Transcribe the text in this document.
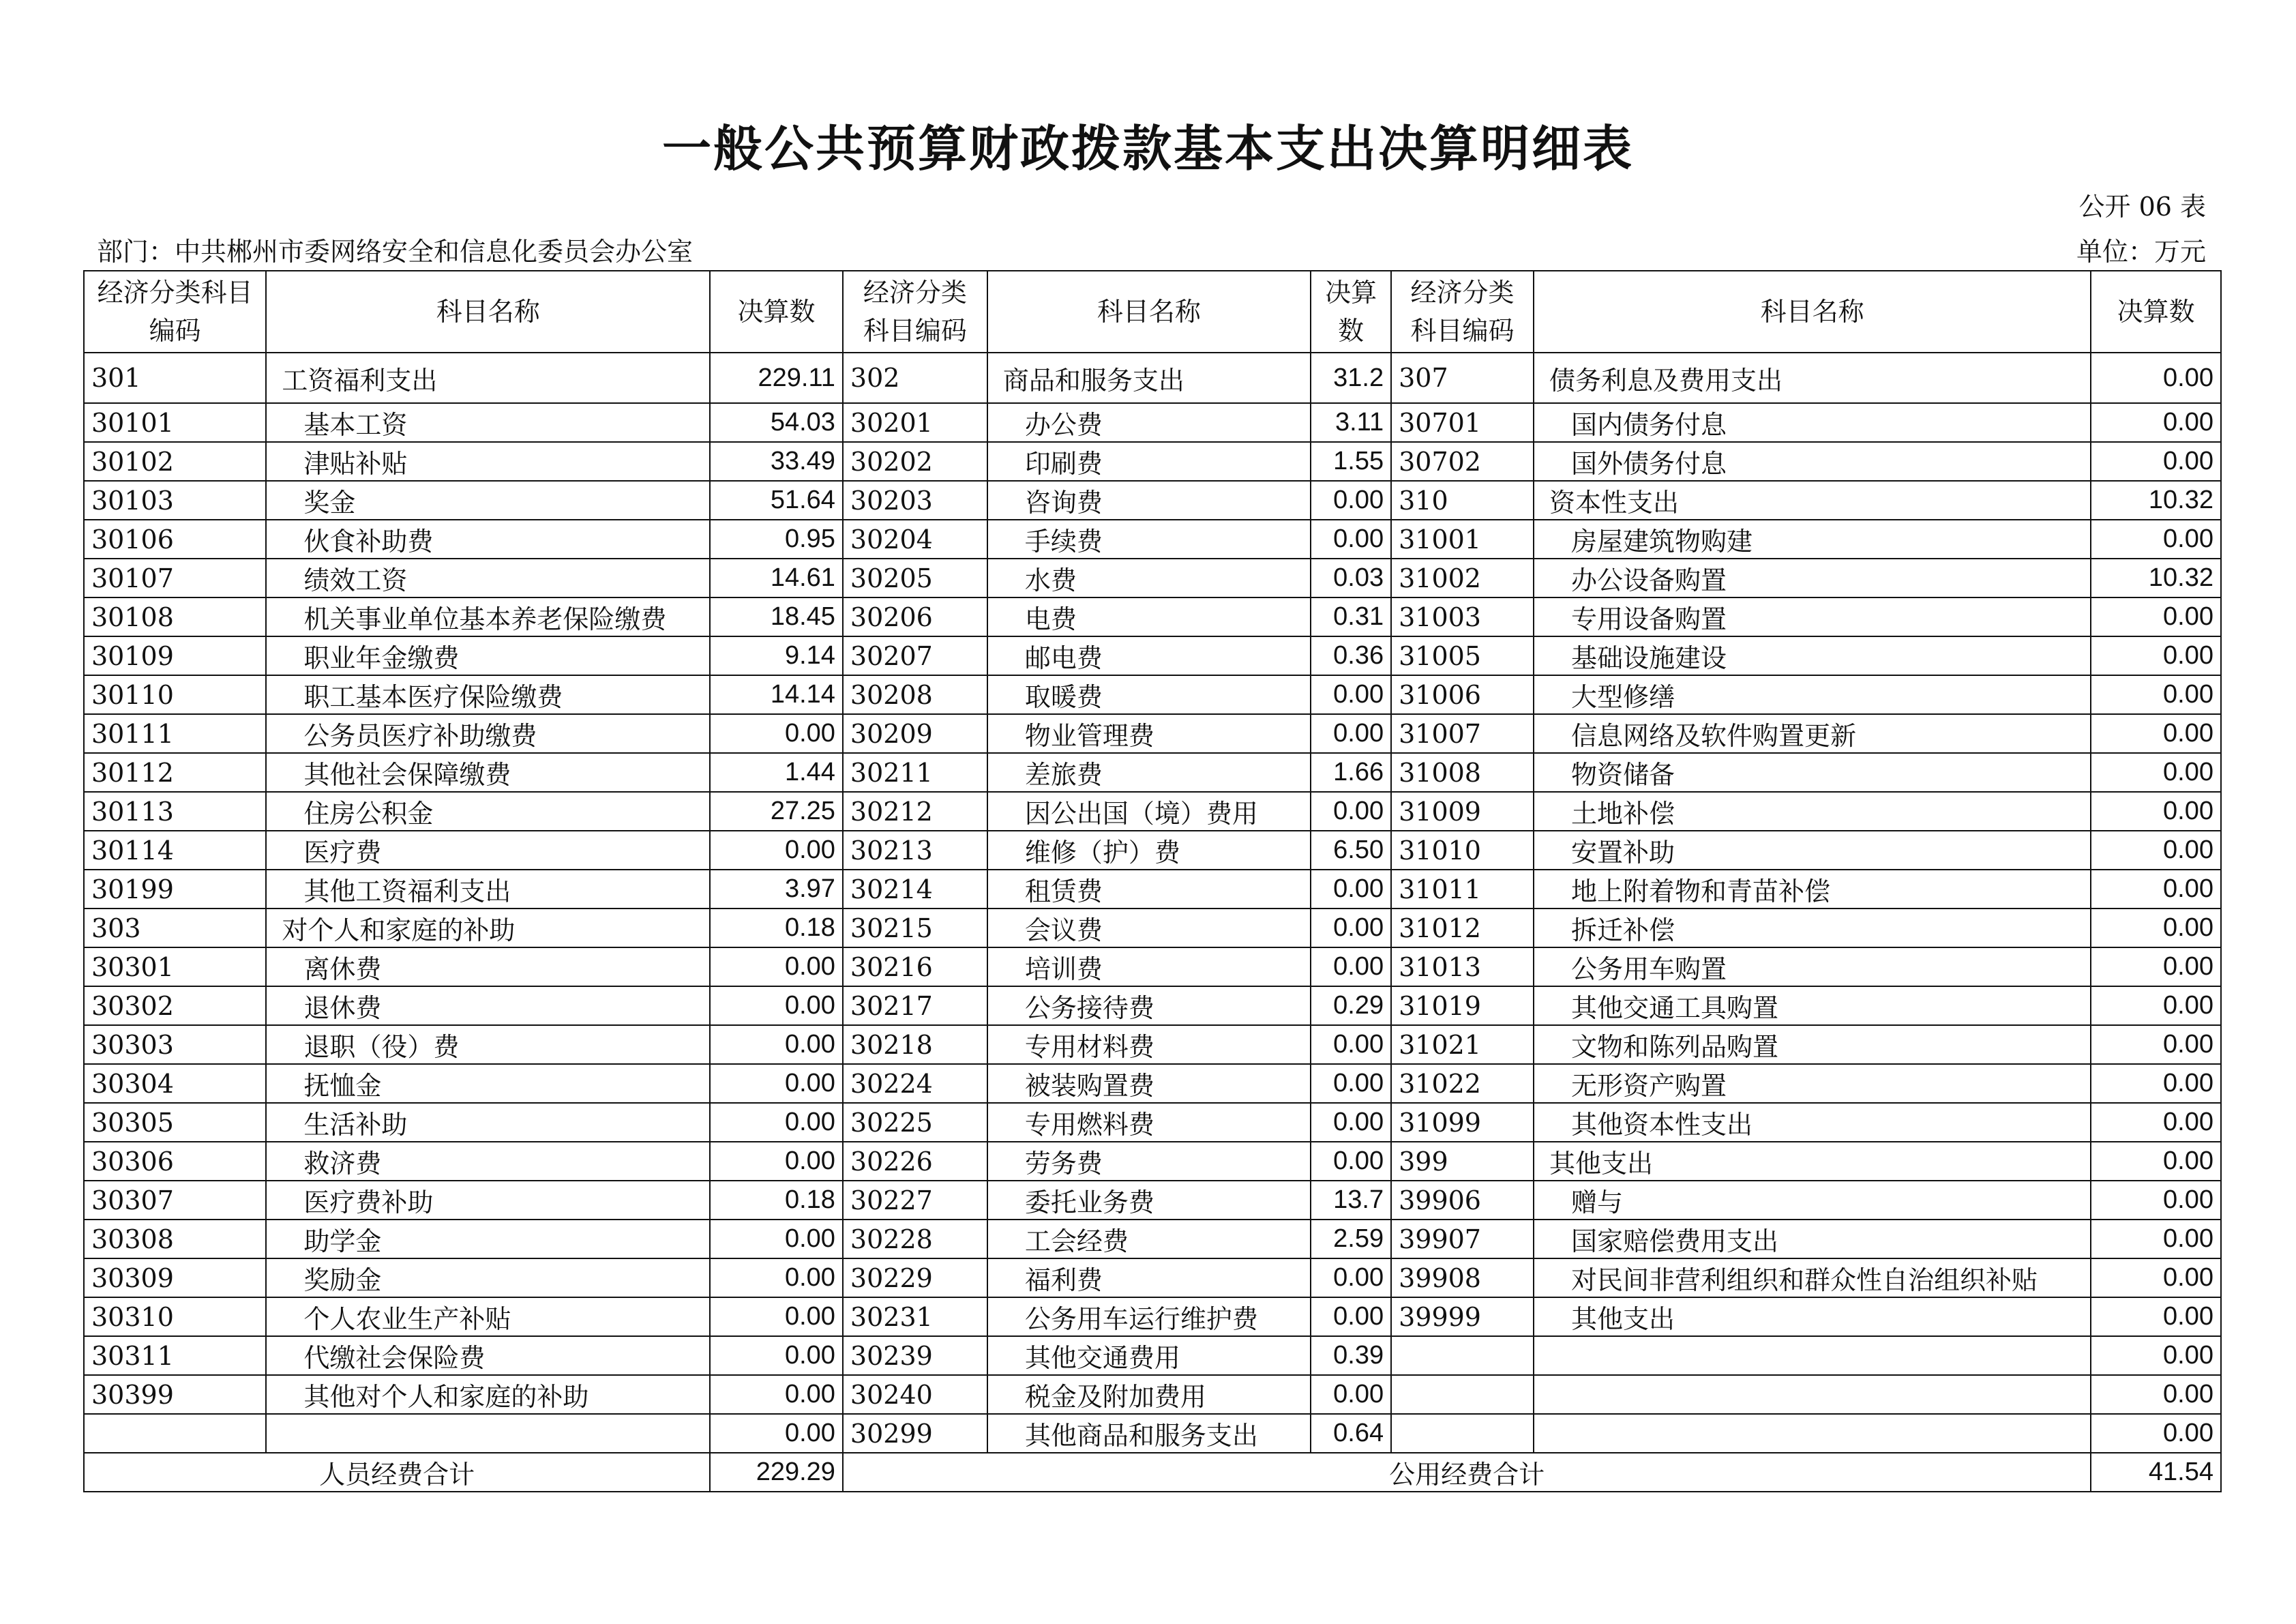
一般公共预算财政拨款基本支出决算明细表
公开 06 表
部门：中共郴州市委网络安全和信息化委员会办公室	单位：万元
经济分类科目编码	科目名称	决算数	经济分类科目编码	科目名称	决算数	经济分类科目编码	科目名称	决算数
301	工资福利支出	229.11	302	商品和服务支出	31.2	307	债务利息及费用支出	0.00
30101	基本工资	54.03	30201	办公费	3.11	30701	国内债务付息	0.00
30102	津贴补贴	33.49	30202	印刷费	1.55	30702	国外债务付息	0.00
30103	奖金	51.64	30203	咨询费	0.00	310	资本性支出	10.32
30106	伙食补助费	0.95	30204	手续费	0.00	31001	房屋建筑物购建	0.00
30107	绩效工资	14.61	30205	水费	0.03	31002	办公设备购置	10.32
30108	机关事业单位基本养老保险缴费	18.45	30206	电费	0.31	31003	专用设备购置	0.00
30109	职业年金缴费	9.14	30207	邮电费	0.36	31005	基础设施建设	0.00
30110	职工基本医疗保险缴费	14.14	30208	取暖费	0.00	31006	大型修缮	0.00
30111	公务员医疗补助缴费	0.00	30209	物业管理费	0.00	31007	信息网络及软件购置更新	0.00
30112	其他社会保障缴费	1.44	30211	差旅费	1.66	31008	物资储备	0.00
30113	住房公积金	27.25	30212	因公出国（境）费用	0.00	31009	土地补偿	0.00
30114	医疗费	0.00	30213	维修（护）费	6.50	31010	安置补助	0.00
30199	其他工资福利支出	3.97	30214	租赁费	0.00	31011	地上附着物和青苗补偿	0.00
303	对个人和家庭的补助	0.18	30215	会议费	0.00	31012	拆迁补偿	0.00
30301	离休费	0.00	30216	培训费	0.00	31013	公务用车购置	0.00
30302	退休费	0.00	30217	公务接待费	0.29	31019	其他交通工具购置	0.00
30303	退职（役）费	0.00	30218	专用材料费	0.00	31021	文物和陈列品购置	0.00
30304	抚恤金	0.00	30224	被装购置费	0.00	31022	无形资产购置	0.00
30305	生活补助	0.00	30225	专用燃料费	0.00	31099	其他资本性支出	0.00
30306	救济费	0.00	30226	劳务费	0.00	399	其他支出	0.00
30307	医疗费补助	0.18	30227	委托业务费	13.7	39906	赠与	0.00
30308	助学金	0.00	30228	工会经费	2.59	39907	国家赔偿费用支出	0.00
30309	奖励金	0.00	30229	福利费	0.00	39908	对民间非营利组织和群众性自治组织补贴	0.00
30310	个人农业生产补贴	0.00	30231	公务用车运行维护费	0.00	39999	其他支出	0.00
30311	代缴社会保险费	0.00	30239	其他交通费用	0.39			0.00
30399	其他对个人和家庭的补助	0.00	30240	税金及附加费用	0.00			0.00
		0.00	30299	其他商品和服务支出	0.64			0.00
人员经费合计		229.29	公用经费合计					41.54
